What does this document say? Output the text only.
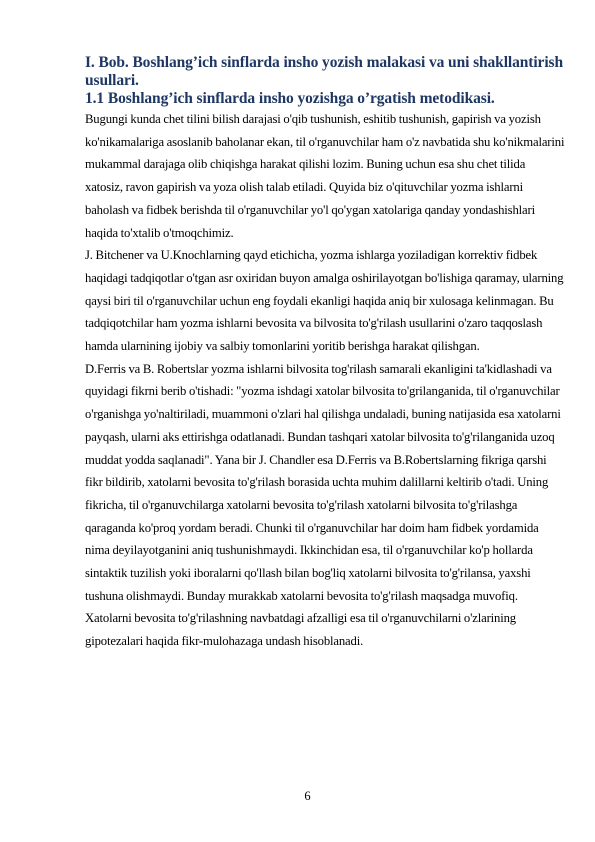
I. Bob. Boshlang’ich sinflarda insho yozish malakasi va uni shakllantirish usullari.
1.1 Boshlang’ich sinflarda insho yozishga o’rgatish metodikasi.

Bugungi kunda chet tilini bilish darajasi o'qib tushunish, eshitib tushunish, gapirish va yozish ko'nikamalariga asoslanib baholanar ekan, til o'rganuvchilar ham o'z navbatida shu ko'nikmalarini mukammal darajaga olib chiqishga harakat qilishi lozim. Buning uchun esa shu chet tilida xatosiz, ravon gapirish va yoza olish talab etiladi. Quyida biz o'qituvchilar yozma ishlarni baholash va fidbek berishda til o'rganuvchilar yo'l qo'ygan xatolariga qanday yondashishlari haqida to'xtalib o'tmoqchimiz.

J. Bitchener va U.Knochlarning qayd etichicha, yozma ishlarga yoziladigan korrektiv fidbek haqidagi tadqiqotlar o'tgan asr oxiridan buyon amalga oshirilayotgan bo'lishiga qaramay, ularning qaysi biri til o'rganuvchilar uchun eng foydali ekanligi haqida aniq bir xulosaga kelinmagan. Bu tadqiqotchilar ham yozma ishlarni bevosita va bilvosita to'g'rilash usullarini o'zaro taqqoslash hamda ularnining ijobiy va salbiy tomonlarini yoritib berishga harakat qilishgan.

D.Ferris va B. Robertslar yozma ishlarni bilvosita tog'rilash samarali ekanligini ta'kidlashadi va quyidagi fikrni berib o'tishadi: "yozma ishdagi xatolar bilvosita to'grilanganida, til o'rganuvchilar o'rganishga yo'naltiriladi, muammoni o'zlari hal qilishga undaladi, buning natijasida esa xatolarni payqash, ularni aks ettirishga odatlanadi. Bundan tashqari xatolar bilvosita to'g'rilanganida uzoq muddat yodda saqlanadi". Yana bir J. Chandler esa D.Ferris va B.Robertslarning fikriga qarshi fikr bildirib, xatolarni bevosita to'g'rilash borasida uchta muhim dalillarni keltirib o'tadi. Uning fikricha, til o'rganuvchilarga xatolarni bevosita to'g'rilash xatolarni bilvosita to'g'rilashga qaraganda ko'proq yordam beradi. Chunki til o'rganuvchilar har doim ham fidbek yordamida nima deyilayotganini aniq tushunishmaydi. Ikkinchidan esa, til o'rganuvchilar ko'p hollarda sintaktik tuzilish yoki iboralarni qo'llash bilan bog'liq xatolarni bilvosita to'g'rilansa, yaxshi tushuna olishmaydi. Bunday murakkab xatolarni bevosita to'g'rilash maqsadga muvofiq. Xatolarni bevosita to'g'rilashning navbatdagi afzalligi esa til o'rganuvchilarni o'zlarining gipotezalari haqida fikr-mulohazaga undash hisoblanadi.

6
